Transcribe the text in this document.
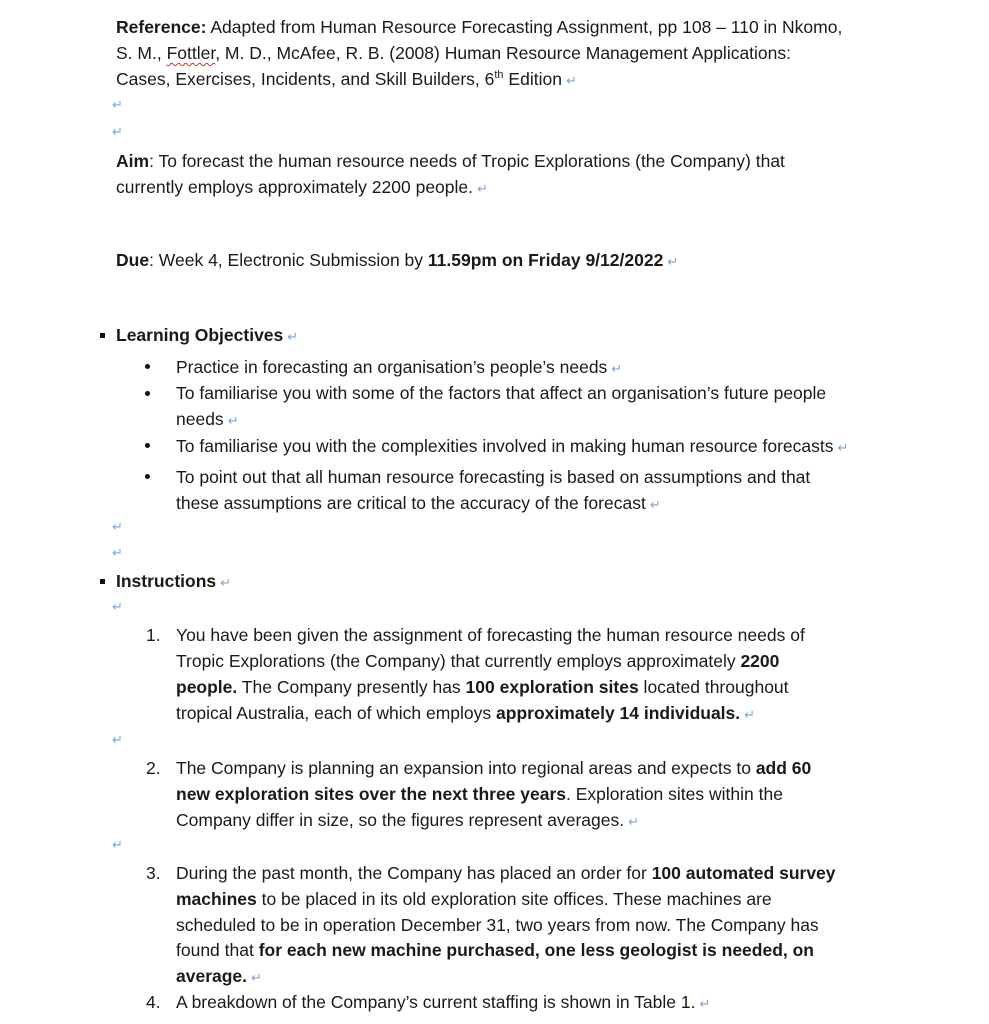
Reference: Adapted from Human Resource Forecasting Assignment, pp 108 – 110 in Nkomo,
S. M., Fottler, M. D., McAfee, R. B. (2008) Human Resource Management Applications:
Cases, Exercises, Incidents, and Skill Builders, 6th Edition ↵
↵
↵
Aim: To forecast the human resource needs of Tropic Explorations (the Company) that
currently employs approximately 2200 people. ↵
Due: Week 4, Electronic Submission by 11.59pm on Friday 9/12/2022 ↵
Learning Objectives ↵
Practice in forecasting an organisation’s people’s needs ↵
To familiarise you with some of the factors that affect an organisation’s future people
needs ↵
To familiarise you with the complexities involved in making human resource forecasts ↵
To point out that all human resource forecasting is based on assumptions and that
these assumptions are critical to the accuracy of the forecast ↵
↵
↵
Instructions ↵
↵
1. You have been given the assignment of forecasting the human resource needs of
Tropic Explorations (the Company) that currently employs approximately 2200
people. The Company presently has 100 exploration sites located throughout
tropical Australia, each of which employs approximately 14 individuals. ↵
↵
2. The Company is planning an expansion into regional areas and expects to add 60
new exploration sites over the next three years. Exploration sites within the
Company differ in size, so the figures represent averages. ↵
↵
3. During the past month, the Company has placed an order for 100 automated survey
machines to be placed in its old exploration site offices. These machines are
scheduled to be in operation December 31, two years from now. The Company has
found that for each new machine purchased, one less geologist is needed, on
average. ↵
4. A breakdown of the Company’s current staffing is shown in Table 1. ↵
